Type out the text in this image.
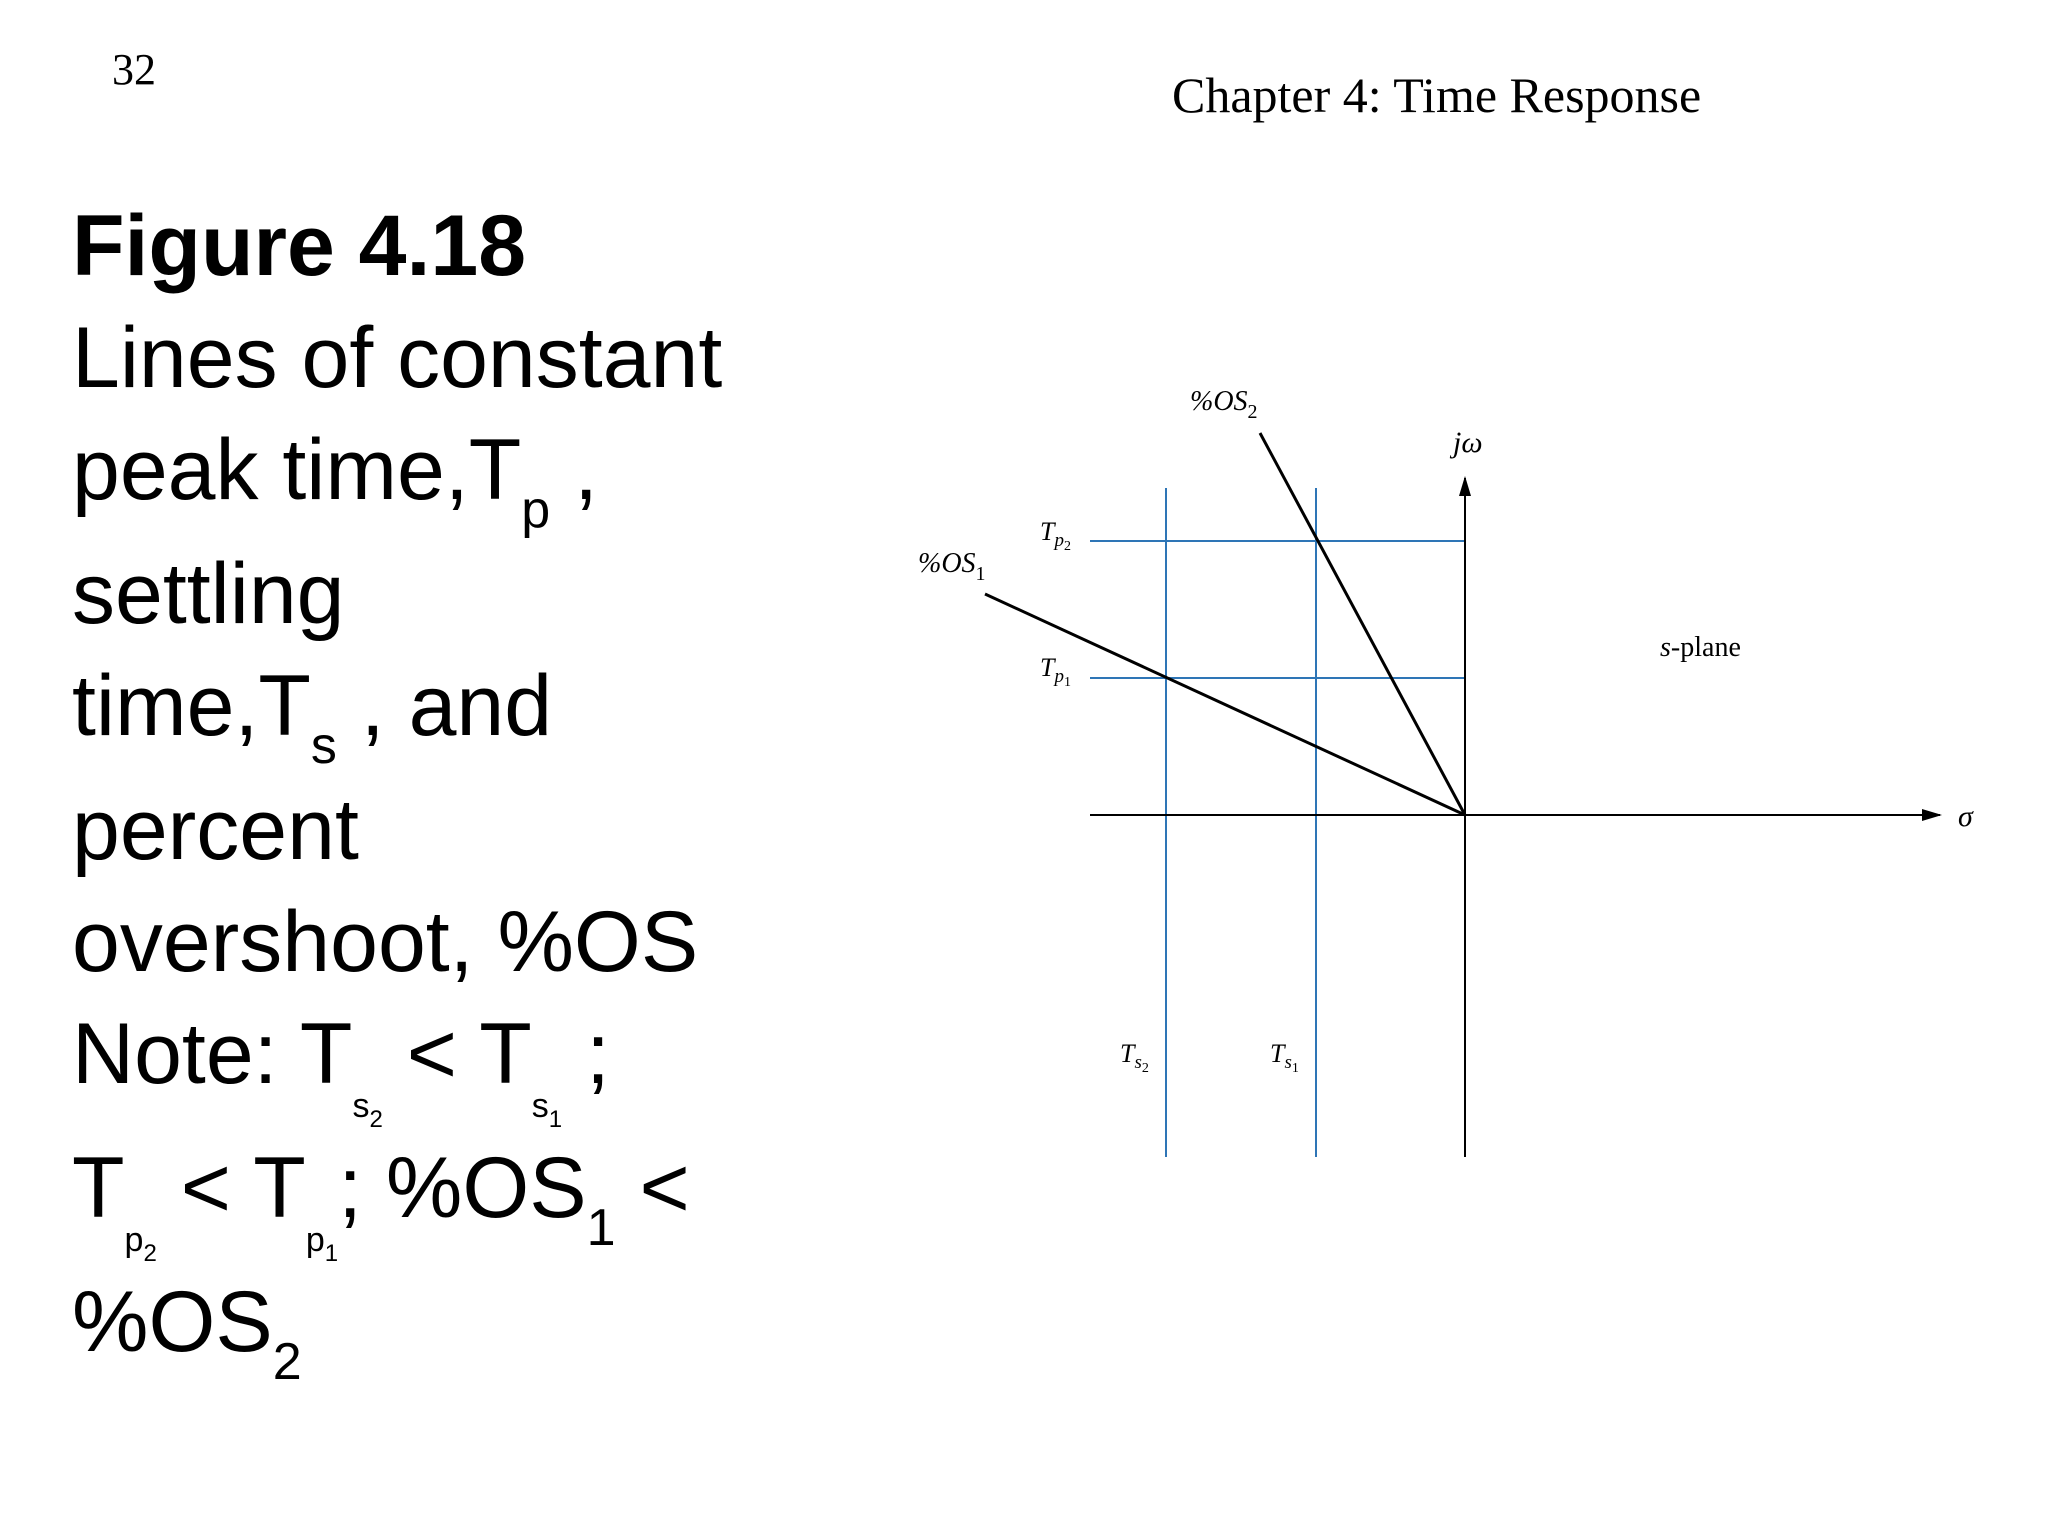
32	Chapter 4: Time Response
Figure 4.18
Lines of constant
peak $time,T_p$ ,
settling
$time,T_s$ , and
percent
overshoot, %OS
Note: $T_{s_2} < T_{s_1}$ ;
$T_{p_2} < T_{p_1}$; $\%OS_1$ <
$\%OS_2$
$\%OS_2$
$\%OS_1$
jω
σ
s-plane
$T_p2$
$T_p1$
$T_s2$
$T_s1$
